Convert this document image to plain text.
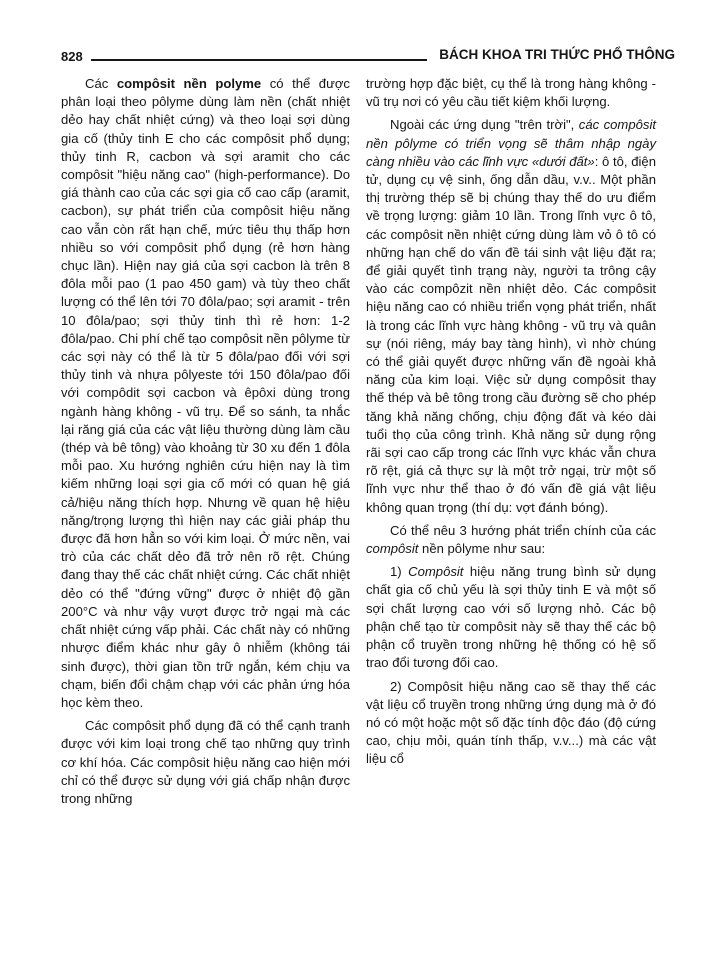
828	BÁCH KHOA TRI THỨC PHỔ THÔNG

Các compôsit nền polyme có thể được phân loại theo pôlyme dùng làm nền (chất nhiệt dẻo hay chất nhiệt cứng) và theo loại sợi dùng gia cố (thủy tinh E cho các compôsit phổ dụng; thủy tinh R, cacbon và sợi aramit cho các compôsit "hiệu năng cao" (high-performance). Do giá thành cao của các sợi gia cố cao cấp (aramit, cacbon), sự phát triển của compôsit hiệu năng cao vẫn còn rất hạn chế, mức tiêu thụ thấp hơn nhiều so với compôsit phổ dụng (rẻ hơn hàng chục lần). Hiện nay giá của sợi cacbon là trên 8 đôla mỗi pao (1 pao 450 gam) và tùy theo chất lượng có thể lên tới 70 đôla/pao; sợi aramit - trên 10 đôla/pao; sợi thủy tinh thì rẻ hơn: 1-2 đôla/pao. Chi phí chế tạo compôsit nền pôlyme từ các sợi này có thể là từ 5 đôla/pao đối với sợi thủy tinh và nhựa pôlyeste tới 150 đôla/pao đối với compôdit sợi cacbon và êpôxi dùng trong ngành hàng không - vũ trụ. Để so sánh, ta nhắc lại răng giá của các vật liệu thường dùng làm cầu (thép và bê tông) vào khoảng từ 30 xu đến 1 đôla mỗi pao. Xu hướng nghiên cứu hiện nay là tìm kiếm những loại sợi gia cố mới có quan hệ giá cả/hiệu năng thích hợp. Nhưng về quan hệ hiệu năng/trọng lượng thì hiện nay các giải pháp thu được đã hơn hẳn so với kim loại. Ở mức nền, vai trò của các chất dẻo đã trở nên rõ rệt. Chúng đang thay thế các chất nhiệt cứng. Các chất nhiệt dẻo có thể "đứng vững" được ở nhiệt độ gần 200°C và như vậy vượt được trở ngại mà các chất nhiệt cứng vấp phải. Các chất này có những nhược điểm khác như gây ô nhiễm (không tái sinh được), thời gian tồn trữ ngắn, kém chịu va chạm, biến đổi chậm chạp với các phản ứng hóa học kèm theo.

Các compôsit phổ dụng đã có thể cạnh tranh được với kim loại trong chế tạo những quy trình cơ khí hóa. Các compôsit hiệu năng cao hiện mới chỉ có thể được sử dụng với giá chấp nhận được trong những

trường hợp đặc biệt, cụ thể là trong hàng không - vũ trụ nơi có yêu cầu tiết kiệm khối lượng.

Ngoài các ứng dụng "trên trời", các compôsit nền pôlyme có triển vọng sẽ thâm nhập ngày càng nhiều vào các lĩnh vực «dưới đất»: ô tô, điện tử, dụng cụ vệ sinh, ống dẫn dầu, v.v.. Một phần thị trường thép sẽ bị chúng thay thế do ưu điểm về trọng lượng: giảm 10 lần. Trong lĩnh vực ô tô, các compôsit nền nhiệt cứng dùng làm vỏ ô tô có những hạn chế do vấn đề tái sinh vật liệu đặt ra; để giải quyết tình trạng này, người ta trông cậy vào các compôzit nền nhiệt dẻo. Các compôsit hiệu năng cao có nhiều triển vọng phát triển, nhất là trong các lĩnh vực hàng không - vũ trụ và quân sự (nói riêng, máy bay tàng hình), vì nhờ chúng có thể giải quyết được những vấn đề ngoài khả năng của kim loại. Việc sử dụng compôsit thay thế thép và bê tông trong cầu đường sẽ cho phép tăng khả năng chống, chịu động đất và kéo dài tuổi thọ của công trình. Khả năng sử dụng rộng rãi sợi cao cấp trong các lĩnh vực khác vẫn chưa rõ rệt, giá cả thực sự là một trở ngại, trừ một số lĩnh vực như thể thao ở đó vấn đề giá vật liệu không quan trọng (thí dụ: vợt đánh bóng).

Có thể nêu 3 hướng phát triển chính của các compôsit nền pôlyme như sau:

1) Compôsit hiệu năng trung bình sử dụng chất gia cố chủ yếu là sợi thủy tinh E và một số sợi chất lượng cao với số lượng nhỏ. Các bộ phận chế tạo từ compôsit này sẽ thay thế các bộ phận cổ truyền trong những hệ thống có hệ số trao đổi tương đối cao.

2) Compôsit hiệu năng cao sẽ thay thế các vật liệu cổ truyền trong những ứng dụng mà ở đó nó có một hoặc một số đặc tính độc đáo (độ cứng cao, chịu mỏi, quán tính thấp, v.v...) mà các vật liệu cổ
